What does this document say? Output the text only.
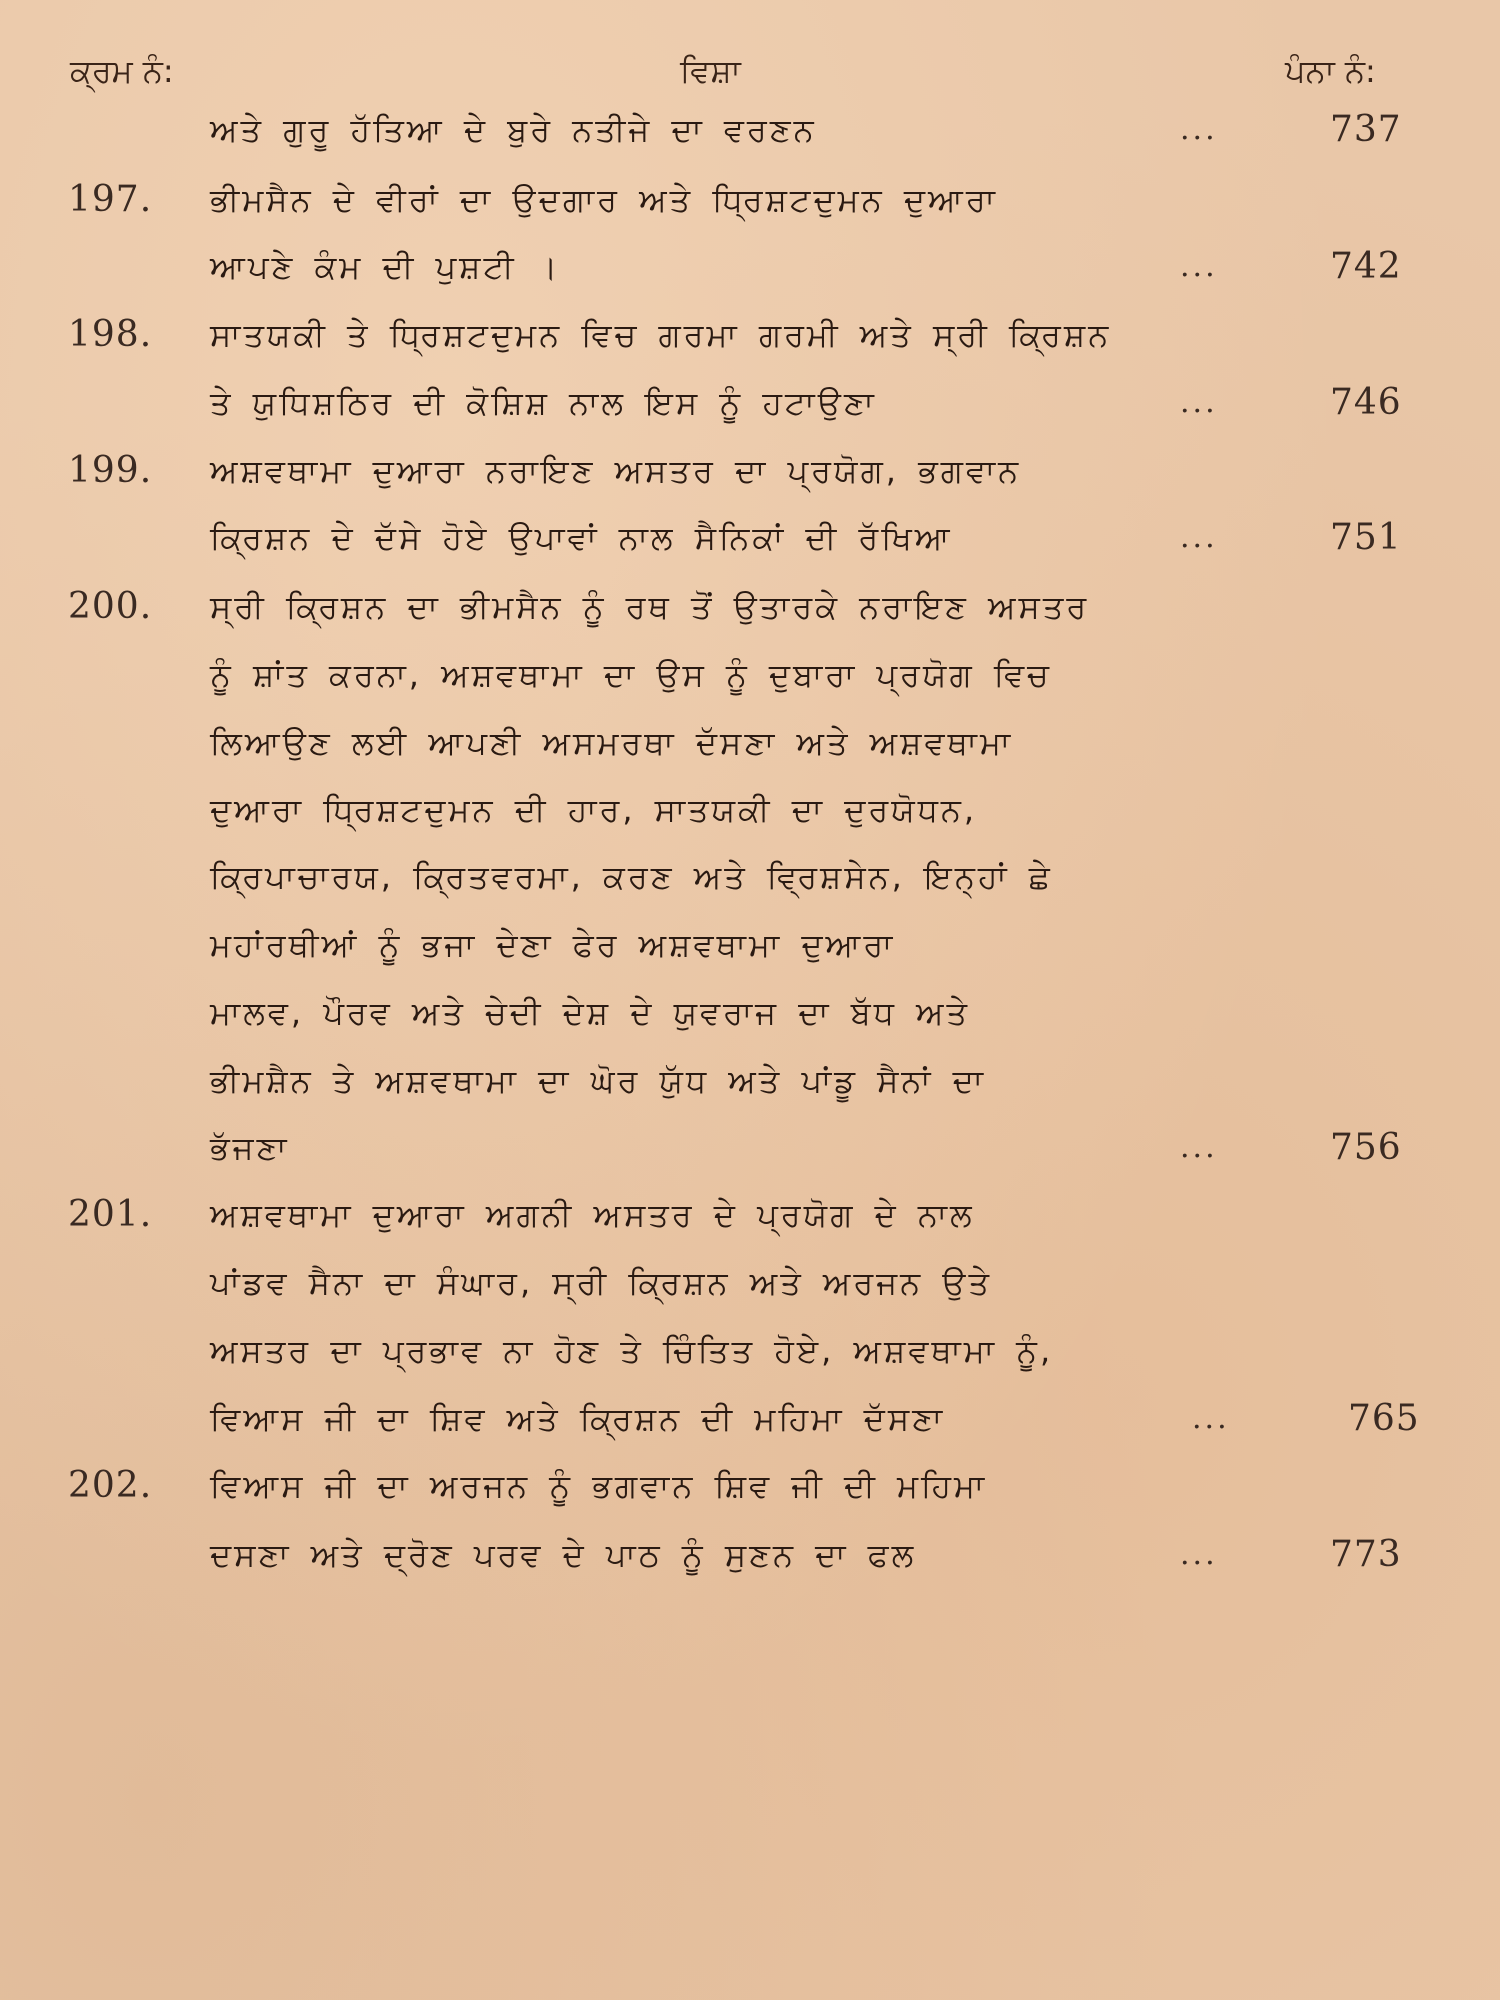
ਕ੍ਰਮ ਨੰ:	ਵਿਸ਼ਾ	ਪੰਨਾ ਨੰ:
ਅਤੇ ਗੁਰੂ ਹੱਤਿਆ ਦੇ ਬੁਰੇ ਨਤੀਜੇ ਦਾ ਵਰਣਨ	...	737
197.	ਭੀਮਸੈਨ ਦੇ ਵੀਰਾਂ ਦਾ ਉਦਗਾਰ ਅਤੇ ਧ੍ਰਿਸ਼ਟਦੁਮਨ ਦੁਆਰਾ
ਆਪਣੇ ਕੰਮ ਦੀ ਪੁਸ਼ਟੀ ।	...	742
198.	ਸਾਤਯਕੀ ਤੇ ਧ੍ਰਿਸ਼ਟਦੁਮਨ ਵਿਚ ਗਰਮਾ ਗਰਮੀ ਅਤੇ ਸ੍ਰੀ ਕ੍ਰਿਸ਼ਨ
ਤੇ ਯੁਧਿਸ਼ਠਿਰ ਦੀ ਕੋਸ਼ਿਸ਼ ਨਾਲ ਇਸ ਨੂੰ ਹਟਾਉਣਾ	...	746
199.	ਅਸ਼ਵਥਾਮਾ ਦੁਆਰਾ ਨਰਾਇਣ ਅਸਤਰ ਦਾ ਪ੍ਰਯੋਗ, ਭਗਵਾਨ
ਕ੍ਰਿਸ਼ਨ ਦੇ ਦੱਸੇ ਹੋਏ ਉਪਾਵਾਂ ਨਾਲ ਸੈਨਿਕਾਂ ਦੀ ਰੱਖਿਆ	...	751
200.	ਸ੍ਰੀ ਕ੍ਰਿਸ਼ਨ ਦਾ ਭੀਮਸੈਨ ਨੂੰ ਰਥ ਤੋਂ ਉਤਾਰਕੇ ਨਰਾਇਣ ਅਸਤਰ
ਨੂੰ ਸ਼ਾਂਤ ਕਰਨਾ, ਅਸ਼ਵਥਾਮਾ ਦਾ ਉਸ ਨੂੰ ਦੁਬਾਰਾ ਪ੍ਰਯੋਗ ਵਿਚ
ਲਿਆਉਣ ਲਈ ਆਪਣੀ ਅਸਮਰਥਾ ਦੱਸਣਾ ਅਤੇ ਅਸ਼ਵਥਾਮਾ
ਦੁਆਰਾ ਧ੍ਰਿਸ਼ਟਦੁਮਨ ਦੀ ਹਾਰ, ਸਾਤਯਕੀ ਦਾ ਦੁਰਯੋਧਨ,
ਕ੍ਰਿਪਾਚਾਰਯ, ਕ੍ਰਿਤਵਰਮਾ, ਕਰਣ ਅਤੇ ਵ੍ਰਿਸ਼ਸੇਨ, ਇਨ੍ਹਾਂ ਛੇ
ਮਹਾਂਰਥੀਆਂ ਨੂੰ ਭਜਾ ਦੇਣਾ ਫੇਰ ਅਸ਼ਵਥਾਮਾ ਦੁਆਰਾ
ਮਾਲਵ, ਪੌਰਵ ਅਤੇ ਚੇਦੀ ਦੇਸ਼ ਦੇ ਯੁਵਰਾਜ ਦਾ ਬੱਧ ਅਤੇ
ਭੀਮਸ਼ੈਨ ਤੇ ਅਸ਼ਵਥਾਮਾ ਦਾ ਘੋਰ ਯੁੱਧ ਅਤੇ ਪਾਂਡੂ ਸੈਨਾਂ ਦਾ
ਭੱਜਣਾ	...	756
201.	ਅਸ਼ਵਥਾਮਾ ਦੁਆਰਾ ਅਗਨੀ ਅਸਤਰ ਦੇ ਪ੍ਰਯੋਗ ਦੇ ਨਾਲ
ਪਾਂਡਵ ਸੈਨਾ ਦਾ ਸੰਘਾਰ, ਸ੍ਰੀ ਕ੍ਰਿਸ਼ਨ ਅਤੇ ਅਰਜਨ ਉਤੇ
ਅਸਤਰ ਦਾ ਪ੍ਰਭਾਵ ਨਾ ਹੋਣ ਤੇ ਚਿੰਤਿਤ ਹੋਏ, ਅਸ਼ਵਥਾਮਾ ਨੂੰ,
ਵਿਆਸ ਜੀ ਦਾ ਸ਼ਿਵ ਅਤੇ ਕ੍ਰਿਸ਼ਨ ਦੀ ਮਹਿਮਾ ਦੱਸਣਾ	...	765
202.	ਵਿਆਸ ਜੀ ਦਾ ਅਰਜਨ ਨੂੰ ਭਗਵਾਨ ਸ਼ਿਵ ਜੀ ਦੀ ਮਹਿਮਾ
ਦਸਣਾ ਅਤੇ ਦ੍ਰੋਣ ਪਰਵ ਦੇ ਪਾਠ ਨੂੰ ਸੁਣਨ ਦਾ ਫਲ	...	773
